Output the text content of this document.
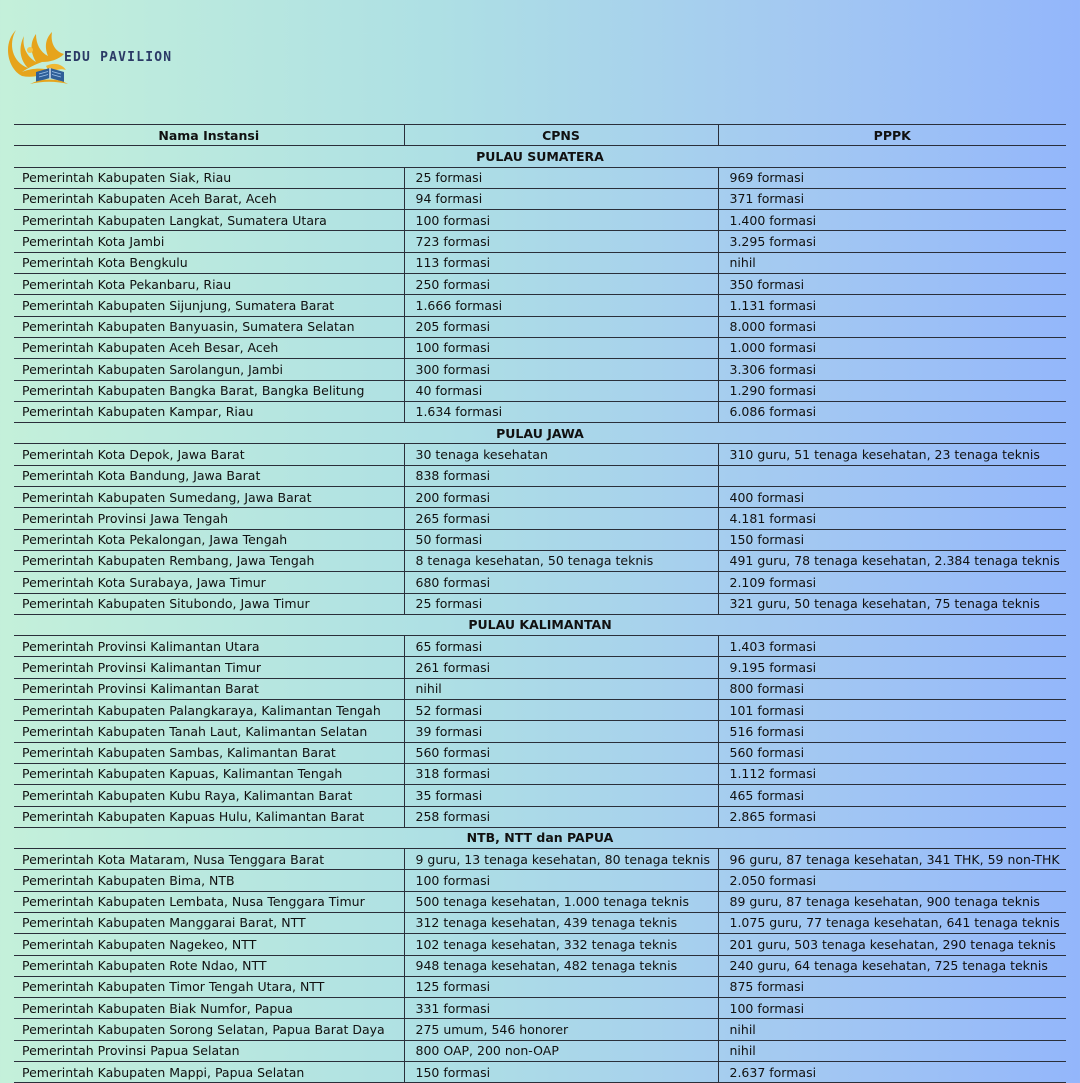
EDU PAVILION
Nama Instansi	CPNS	PPPK
PULAU SUMATERA		
Pemerintah Kabupaten Siak, Riau	25 formasi	969 formasi
Pemerintah Kabupaten Aceh Barat, Aceh	94 formasi	371 formasi
Pemerintah Kabupaten Langkat, Sumatera Utara	100 formasi	1.400 formasi
Pemerintah Kota Jambi	723 formasi	3.295 formasi
Pemerintah Kota Bengkulu	113 formasi	nihil
Pemerintah Kota Pekanbaru, Riau	250 formasi	350 formasi
Pemerintah Kabupaten Sijunjung, Sumatera Barat	1.666 formasi	1.131 formasi
Pemerintah Kabupaten Banyuasin, Sumatera Selatan	205 formasi	8.000 formasi
Pemerintah Kabupaten Aceh Besar, Aceh	100 formasi	1.000 formasi
Pemerintah Kabupaten Sarolangun, Jambi	300 formasi	3.306 formasi
Pemerintah Kabupaten Bangka Barat, Bangka Belitung	40 formasi	1.290 formasi
Pemerintah Kabupaten Kampar, Riau	1.634 formasi	6.086 formasi
PULAU JAWA		
Pemerintah Kota Depok, Jawa Barat	30 tenaga kesehatan	310 guru, 51 tenaga kesehatan, 23 tenaga teknis
Pemerintah Kota Bandung, Jawa Barat	838 formasi	
Pemerintah Kabupaten Sumedang, Jawa Barat	200 formasi	400 formasi
Pemerintah Provinsi Jawa Tengah	265 formasi	4.181 formasi
Pemerintah Kota Pekalongan, Jawa Tengah	50 formasi	150 formasi
Pemerintah Kabupaten Rembang, Jawa Tengah	8 tenaga kesehatan, 50 tenaga teknis	491 guru, 78 tenaga kesehatan, 2.384 tenaga teknis
Pemerintah Kota Surabaya, Jawa Timur	680 formasi	2.109 formasi
Pemerintah Kabupaten Situbondo, Jawa Timur	25 formasi	321 guru, 50 tenaga kesehatan, 75 tenaga teknis
PULAU KALIMANTAN		
Pemerintah Provinsi Kalimantan Utara	65 formasi	1.403 formasi
Pemerintah Provinsi Kalimantan Timur	261 formasi	9.195 formasi
Pemerintah Provinsi Kalimantan Barat	nihil	800 formasi
Pemerintah Kabupaten Palangkaraya, Kalimantan Tengah	52 formasi	101 formasi
Pemerintah Kabupaten Tanah Laut, Kalimantan Selatan	39 formasi	516 formasi
Pemerintah Kabupaten Sambas, Kalimantan Barat	560 formasi	560 formasi
Pemerintah Kabupaten Kapuas, Kalimantan Tengah	318 formasi	1.112 formasi
Pemerintah Kabupaten Kubu Raya, Kalimantan Barat	35 formasi	465 formasi
Pemerintah Kabupaten Kapuas Hulu, Kalimantan Barat	258 formasi	2.865 formasi
NTB, NTT dan PAPUA		
Pemerintah Kota Mataram, Nusa Tenggara Barat	9 guru, 13 tenaga kesehatan, 80 tenaga teknis	96 guru, 87 tenaga kesehatan, 341 THK, 59 non-THK
Pemerintah Kabupaten Bima, NTB	100 formasi	2.050 formasi
Pemerintah Kabupaten Lembata, Nusa Tenggara Timur	500 tenaga kesehatan, 1.000 tenaga teknis	89 guru, 87 tenaga kesehatan, 900 tenaga teknis
Pemerintah Kabupaten Manggarai Barat, NTT	312 tenaga kesehatan, 439 tenaga teknis	1.075 guru, 77 tenaga kesehatan, 641 tenaga teknis
Pemerintah Kabupaten Nagekeo, NTT	102 tenaga kesehatan, 332 tenaga teknis	201 guru, 503 tenaga kesehatan, 290 tenaga teknis
Pemerintah Kabupaten Rote Ndao, NTT	948 tenaga kesehatan, 482 tenaga teknis	240 guru, 64 tenaga kesehatan, 725 tenaga teknis
Pemerintah Kabupaten Timor Tengah Utara, NTT	125 formasi	875 formasi
Pemerintah Kabupaten Biak Numfor, Papua	331 formasi	100 formasi
Pemerintah Kabupaten Sorong Selatan, Papua Barat Daya	275 umum, 546 honorer	nihil
Pemerintah Provinsi Papua Selatan	800 OAP, 200 non-OAP	nihil
Pemerintah Kabupaten Mappi, Papua Selatan	150 formasi	2.637 formasi
